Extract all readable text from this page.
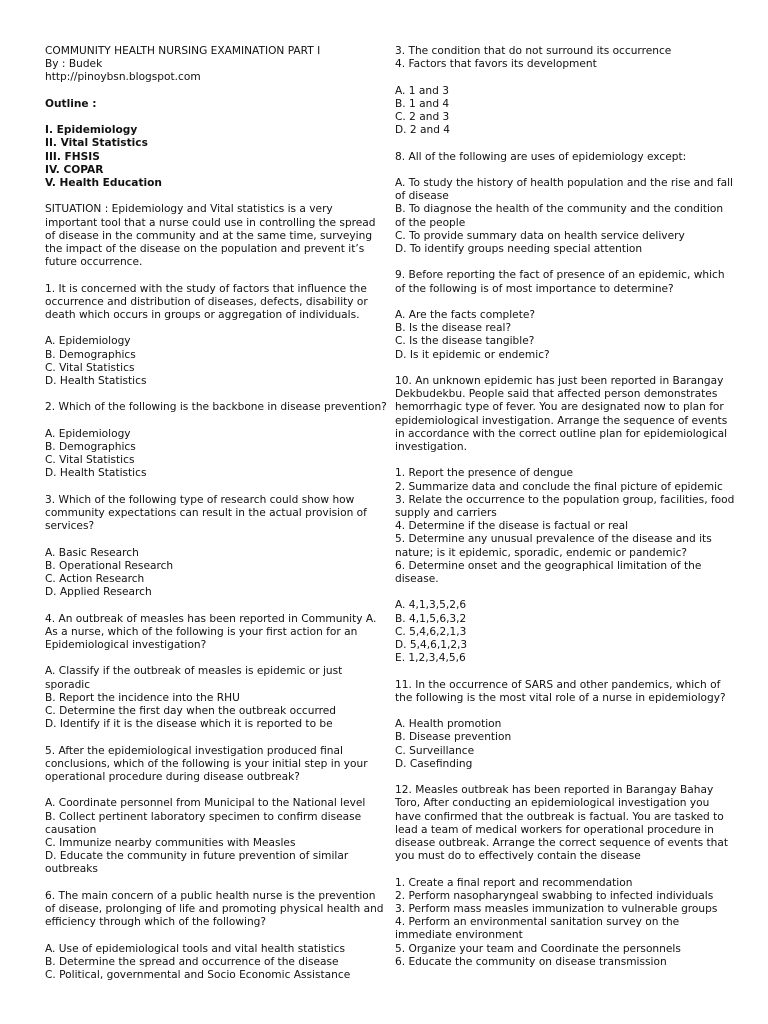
COMMUNITY HEALTH NURSING EXAMINATION PART I
By : Budek
http://pinoybsn.blogspot.com
Outline :
I. Epidemiology
II. Vital Statistics
III. FHSIS
IV. COPAR
V. Health Education
SITUATION : Epidemiology and Vital statistics is a very important tool that a nurse could use in controlling the spread of disease in the community and at the same time, surveying the impact of the disease on the population and prevent it’s future occurrence.
1. It is concerned with the study of factors that influence the occurrence and distribution of diseases, defects, disability or death which occurs in groups or aggregation of individuals.
A. Epidemiology
B. Demographics
C. Vital Statistics
D. Health Statistics
2. Which of the following is the backbone in disease prevention?
A. Epidemiology
B. Demographics
C. Vital Statistics
D. Health Statistics
3. Which of the following type of research could show how community expectations can result in the actual provision of services?
A. Basic Research
B. Operational Research
C. Action Research
D. Applied Research
4. An outbreak of measles has been reported in Community A. As a nurse, which of the following is your first action for an Epidemiological investigation?
A. Classify if the outbreak of measles is epidemic or just sporadic
B. Report the incidence into the RHU
C. Determine the first day when the outbreak occurred
D. Identify if it is the disease which it is reported to be
5. After the epidemiological investigation produced final conclusions, which of the following is your initial step in your operational procedure during disease outbreak?
A. Coordinate personnel from Municipal to the National level
B. Collect pertinent laboratory specimen to confirm disease causation
C. Immunize nearby communities with Measles
D. Educate the community in future prevention of similar outbreaks
6. The main concern of a public health nurse is the prevention of disease, prolonging of life and promoting physical health and efficiency through which of the following?
A. Use of epidemiological tools and vital health statistics
B. Determine the spread and occurrence of the disease
C. Political, governmental and Socio Economic Assistance
3. The condition that do not surround its occurrence
4. Factors that favors its development
A. 1 and 3
B. 1 and 4
C. 2 and 3
D. 2 and 4
8. All of the following are uses of epidemiology except:
A. To study the history of health population and the rise and fall of disease
B. To diagnose the health of the community and the condition of the people
C. To provide summary data on health service delivery
D. To identify groups needing special attention
9. Before reporting the fact of presence of an epidemic, which of the following is of most importance to determine?
A. Are the facts complete?
B. Is the disease real?
C. Is the disease tangible?
D. Is it epidemic or endemic?
10. An unknown epidemic has just been reported in Barangay Dekbudekbu. People said that affected person demonstrates hemorrhagic type of fever. You are designated now to plan for epidemiological investigation. Arrange the sequence of events in accordance with the correct outline plan for epidemiological investigation.
1. Report the presence of dengue
2. Summarize data and conclude the final picture of epidemic
3. Relate the occurrence to the population group, facilities, food supply and carriers
4. Determine if the disease is factual or real
5. Determine any unusual prevalence of the disease and its nature; is it epidemic, sporadic, endemic or pandemic?
6. Determine onset and the geographical limitation of the disease.
A. 4,1,3,5,2,6
B. 4,1,5,6,3,2
C. 5,4,6,2,1,3
D. 5,4,6,1,2,3
E. 1,2,3,4,5,6
11. In the occurrence of SARS and other pandemics, which of the following is the most vital role of a nurse in epidemiology?
A. Health promotion
B. Disease prevention
C. Surveillance
D. Casefinding
12. Measles outbreak has been reported in Barangay Bahay Toro, After conducting an epidemiological investigation you have confirmed that the outbreak is factual. You are tasked to lead a team of medical workers for operational procedure in disease outbreak. Arrange the correct sequence of events that you must do to effectively contain the disease
1. Create a final report and recommendation
2. Perform nasopharyngeal swabbing to infected individuals
3. Perform mass measles immunization to vulnerable groups
4. Perform an environmental sanitation survey on the immediate environment
5. Organize your team and Coordinate the personnels
6. Educate the community on disease transmission
